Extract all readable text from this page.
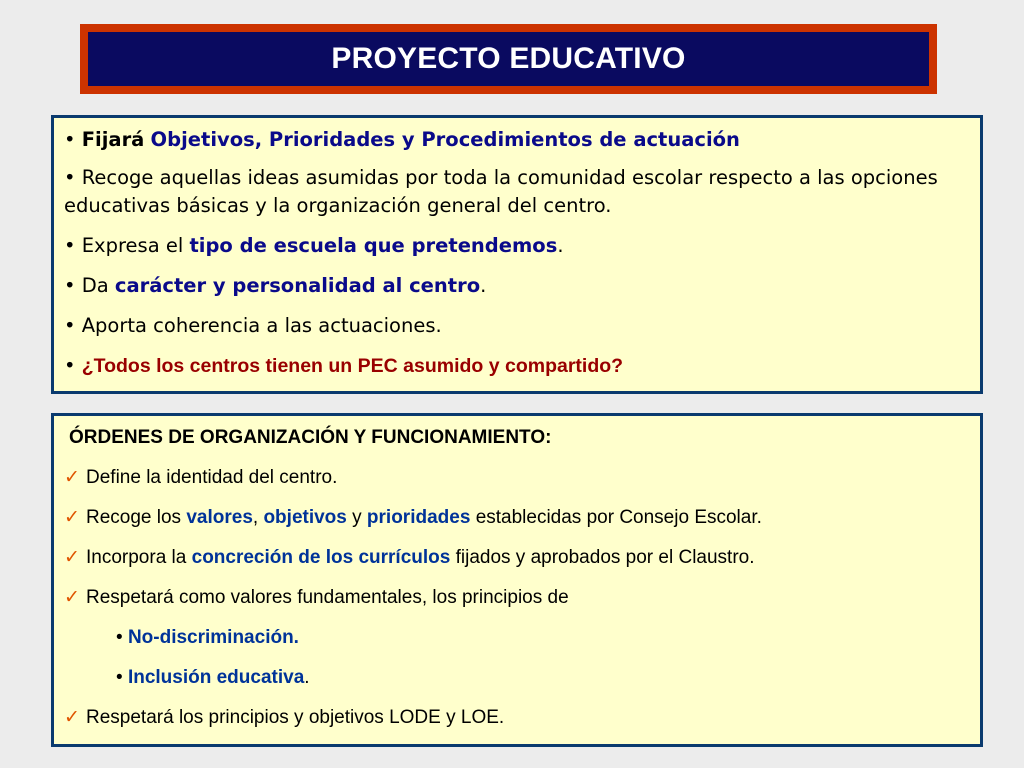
PROYECTO EDUCATIVO

• Fijará Objetivos, Prioridades y Procedimientos de actuación

• Recoge aquellas ideas asumidas por toda la comunidad escolar respecto a las opciones educativas básicas y la organización general del centro.

• Expresa el tipo de escuela que pretendemos.

• Da carácter y personalidad al centro.

• Aporta coherencia a las actuaciones.

• ¿Todos los centros tienen un PEC asumido y compartido?

ÓRDENES DE ORGANIZACIÓN Y FUNCIONAMIENTO:

✓ Define la identidad del centro.

✓ Recoge los valores, objetivos y prioridades establecidas por Consejo Escolar.

✓ Incorpora la concreción de los currículos fijados y aprobados por el Claustro.

✓ Respetará como valores fundamentales, los principios de

• No-discriminación.

• Inclusión educativa.

✓ Respetará los principios y objetivos LODE y LOE.
